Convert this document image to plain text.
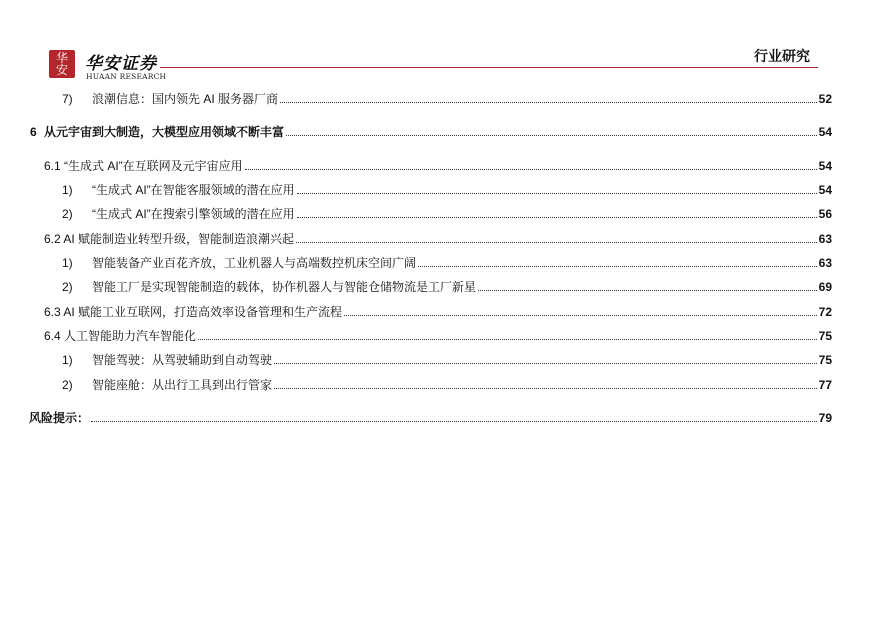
华安 华安证券
HUAAN RESEARCH
行业研究
7)	浪潮信息：国内领先 AI 服务器厂商	52
6 从元宇宙到大制造，大模型应用领域不断丰富	54
6.1 “生成式 AI”在互联网及元宇宙应用	54
1)	“生成式 AI”在智能客服领域的潜在应用	54
2)	“生成式 AI”在搜索引擎领域的潜在应用	56
6.2 AI 赋能制造业转型升级，智能制造浪潮兴起	63
1)	智能装备产业百花齐放，工业机器人与高端数控机床空间广阔	63
2)	智能工厂是实现智能制造的载体，协作机器人与智能仓储物流是工厂新星	69
6.3 AI 赋能工业互联网，打造高效率设备管理和生产流程	72
6.4 人工智能助力汽车智能化	75
1)	智能驾驶：从驾驶辅助到自动驾驶	75
2)	智能座舱：从出行工具到出行管家	77
风险提示：	79
